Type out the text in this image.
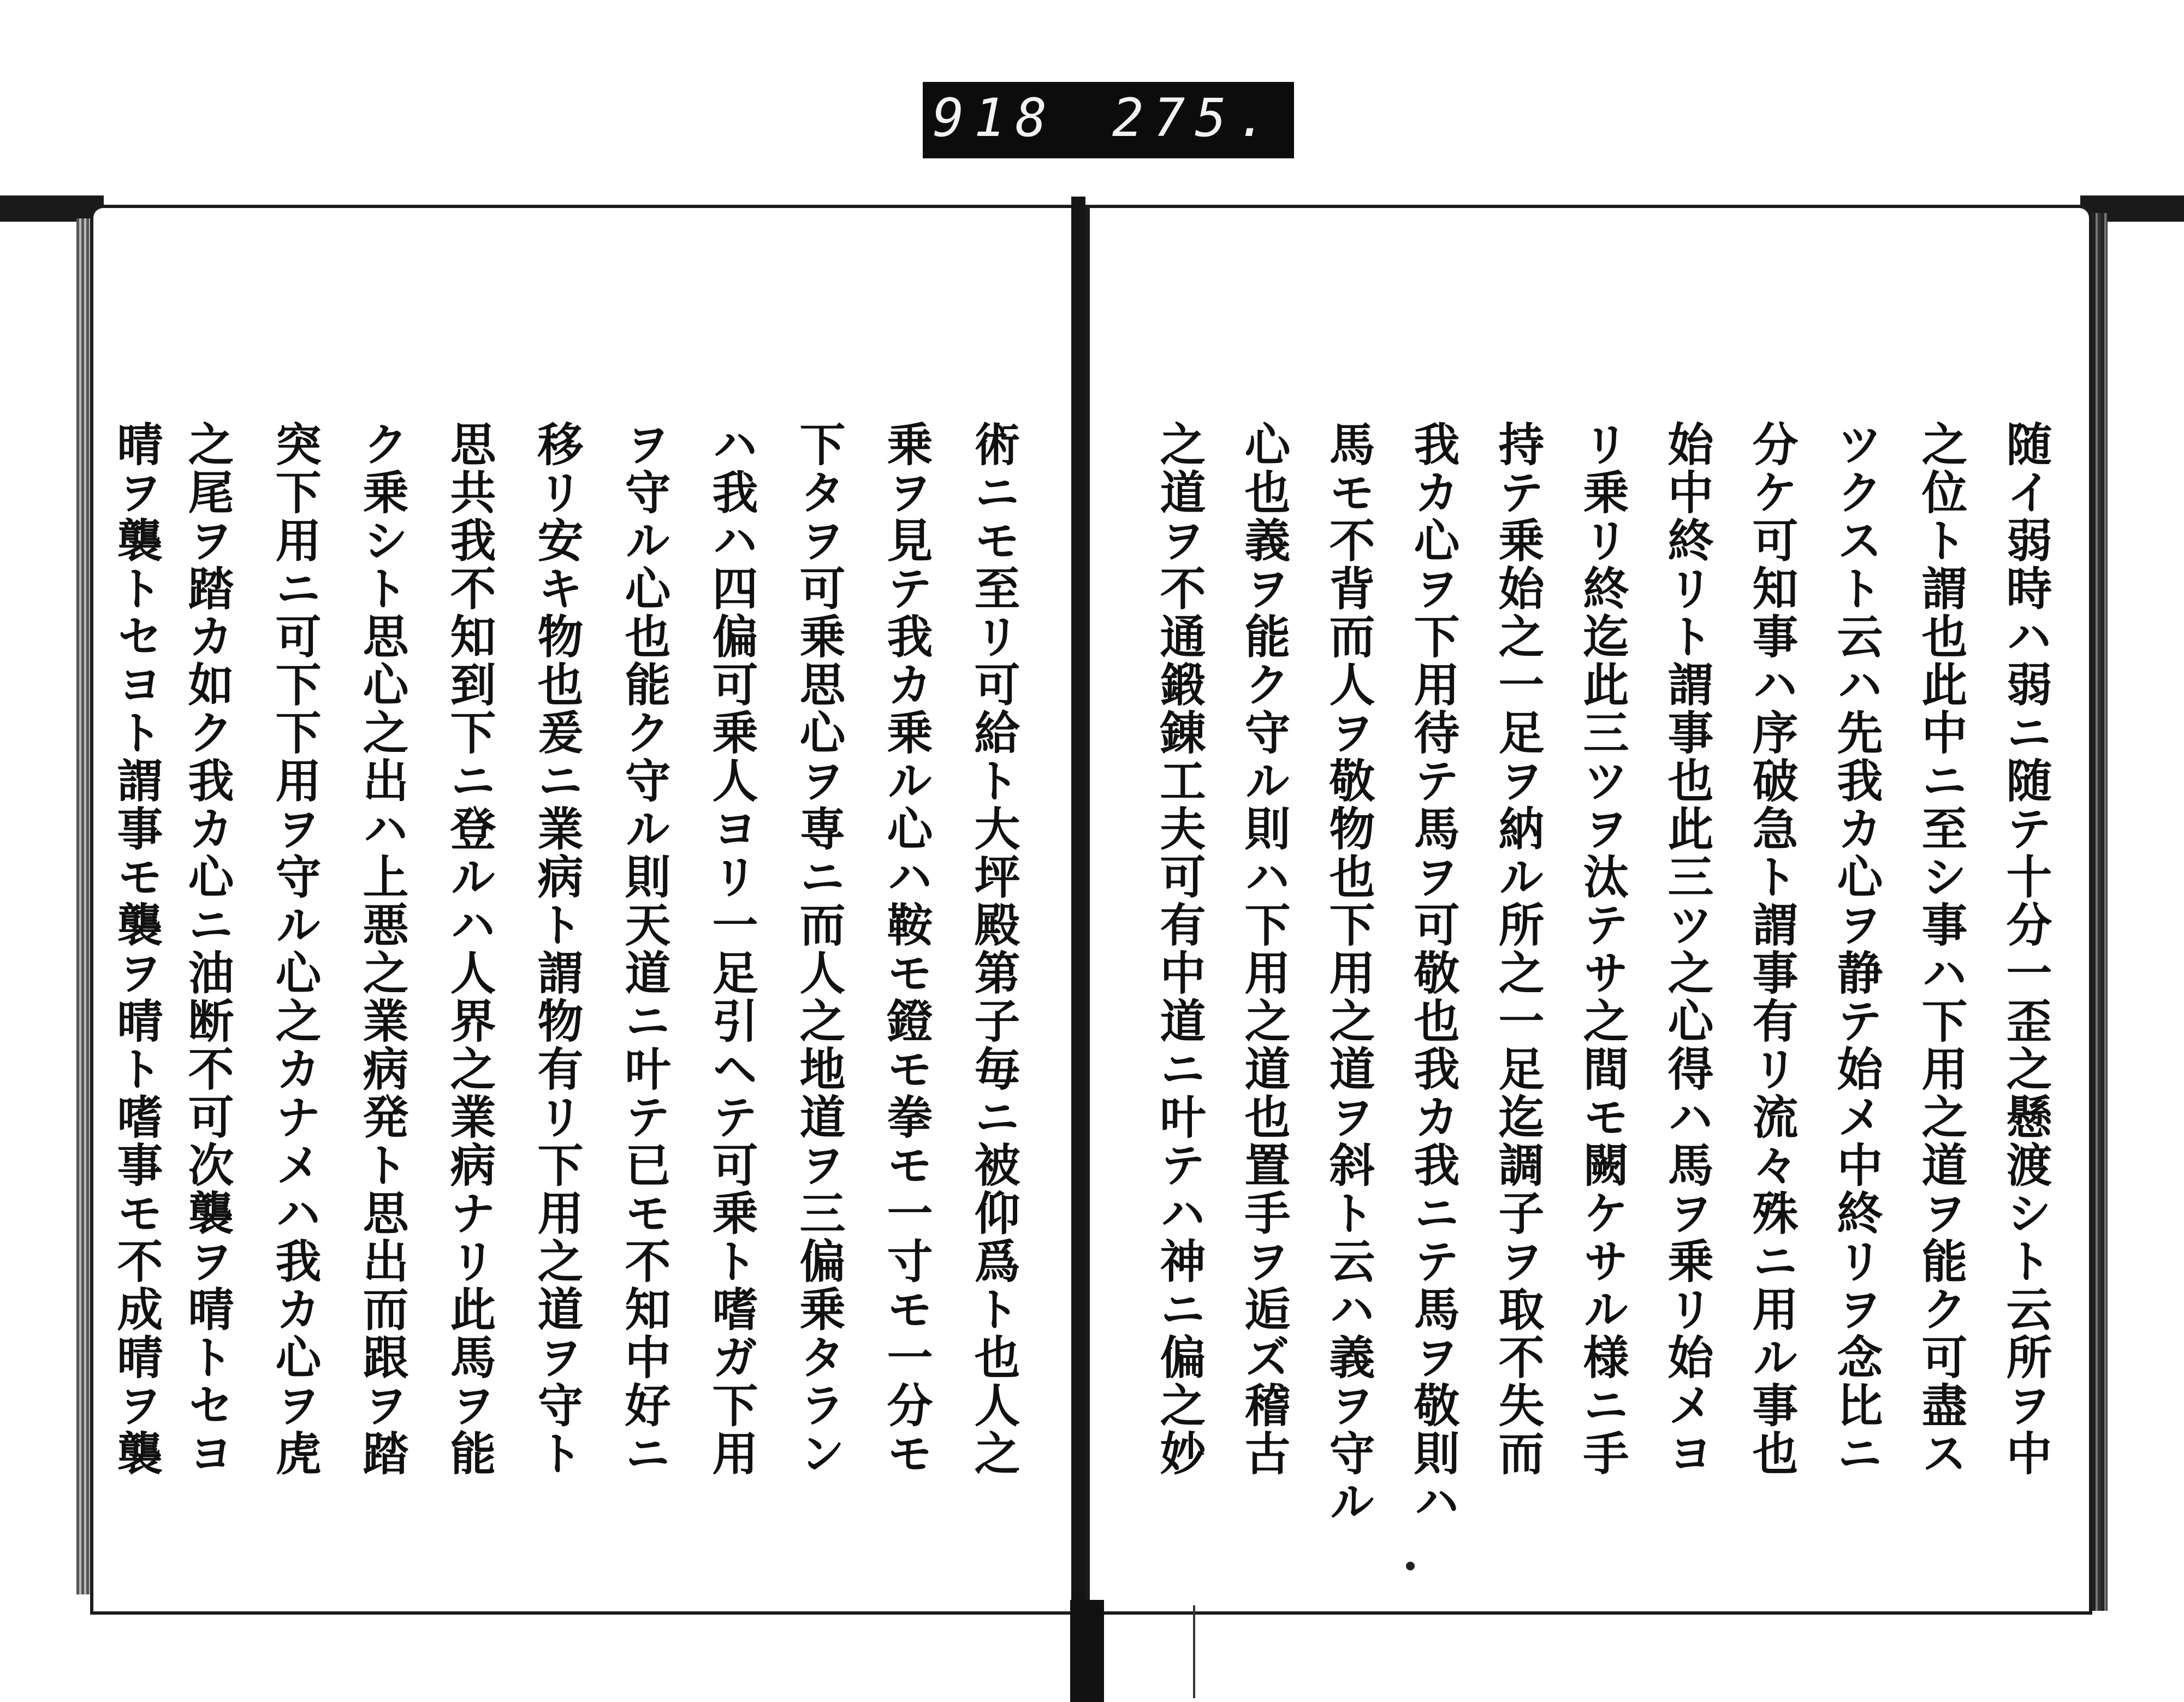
918 275.
随イ弱時ハ弱ニ随テ十分一歪之懸渡シト云所ヲ中
之位ト謂也此中ニ至シ事ハ下用之道ヲ能ク可盡ス
ツクスト云ハ先我カ心ヲ静テ始メ中終リヲ念比ニ
分ケ可知事ハ序破急ト謂事有リ流々殊ニ用ル事也
始中終リト謂事也此三ツ之心得ハ馬ヲ乗リ始メヨ
リ乗リ終迄此三ツヲ汰テサ之間モ闕ケサル様ニ手
持テ乗始之一足ヲ納ル所之一足迄調子ヲ取不失而
我カ心ヲ下用待テ馬ヲ可敬也我カ我ニテ馬ヲ敬則ハ
馬モ不背而人ヲ敬物也下用之道ヲ斜ト云ハ義ヲ守ル
心也義ヲ能ク守ル則ハ下用之道也置手ヲ逅ズ稽古
之道ヲ不通鍛錬工夫可有中道ニ叶テハ神ニ偏之妙
術ニモ至リ可給ト大坪殿第子毎ニ被仰爲ト也人之
乗ヲ見テ我カ乗ル心ハ鞍モ鐙モ拳モ一寸モ一分モ
下タヲ可乗思心ヲ専ニ而人之地道ヲ三偏乗タラン
ハ我ハ四偏可乗人ヨリ一足引ヘテ可乗ト嗜ガ下用
ヲ守ル心也能ク守ル則天道ニ叶テ已モ不知中好ニ
移リ安キ物也爰ニ業病ト謂物有リ下用之道ヲ守ト
思共我不知到下ニ登ルハ人界之業病ナリ此馬ヲ能
ク乗シト思心之出ハ上悪之業病発ト思出而跟ヲ踏
突下用ニ可下下用ヲ守ル心之カナメハ我カ心ヲ虎
之尾ヲ踏カ如ク我カ心ニ油断不可次襲ヲ晴トセヨ
晴ヲ襲トセヨト謂事モ襲ヲ晴ト嗜事モ不成晴ヲ襲
